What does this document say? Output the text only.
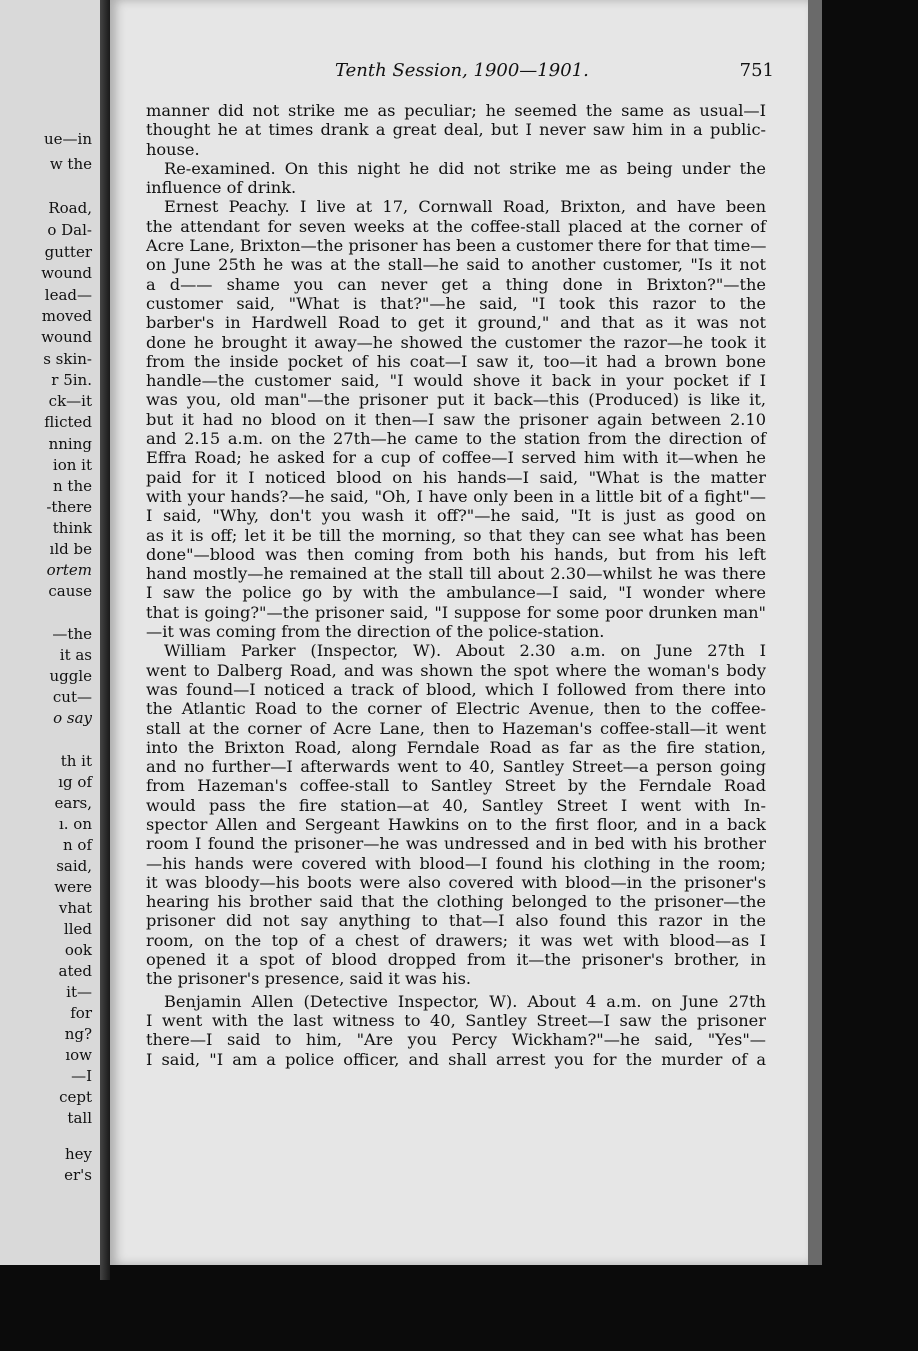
ue—in
w the
Road,
o Dal-
gutter
wound
lead—
moved
wound
s skin-
r 5in.
ck—it
flicted
nning
ion it
n the
-there
think
ıld be
ortem
cause
—the
it as
uggle
cut—
o say
th it
ıg of
ears,
ı. on
n of
said,
were
vhat
lled
ook
ated
it—
for
ng?
ıow
—I
cept
tall
hey
er's
Tenth Session, 1900—1901.	751
manner did not strike me as peculiar; he seemed the same as usual—I
thought he at times drank a great deal, but I never saw him in a public-
house.
Re-examined. On this night he did not strike me as being under the
influence of drink.
Ernest Peachy. I live at 17, Cornwall Road, Brixton, and have been
the attendant for seven weeks at the coffee-stall placed at the corner of
Acre Lane, Brixton—the prisoner has been a customer there for that time—
on June 25th he was at the stall—he said to another customer, "Is it not
a d—— shame you can never get a thing done in Brixton?"—the
customer said, "What is that?"—he said, "I took this razor to the
barber's in Hardwell Road to get it ground," and that as it was not
done he brought it away—he showed the customer the razor—he took it
from the inside pocket of his coat—I saw it, too—it had a brown bone
handle—the customer said, "I would shove it back in your pocket if I
was you, old man"—the prisoner put it back—this (Produced) is like it,
but it had no blood on it then—I saw the prisoner again between 2.10
and 2.15 a.m. on the 27th—he came to the station from the direction of
Effra Road; he asked for a cup of coffee—I served him with it—when he
paid for it I noticed blood on his hands—I said, "What is the matter
with your hands?—he said, "Oh, I have only been in a little bit of a fight"—
I said, "Why, don't you wash it off?"—he said, "It is just as good on
as it is off; let it be till the morning, so that they can see what has been
done"—blood was then coming from both his hands, but from his left
hand mostly—he remained at the stall till about 2.30—whilst he was there
I saw the police go by with the ambulance—I said, "I wonder where
that is going?"—the prisoner said, "I suppose for some poor drunken man"
—it was coming from the direction of the police-station.
William Parker (Inspector, W). About 2.30 a.m. on June 27th I
went to Dalberg Road, and was shown the spot where the woman's body
was found—I noticed a track of blood, which I followed from there into
the Atlantic Road to the corner of Electric Avenue, then to the coffee-
stall at the corner of Acre Lane, then to Hazeman's coffee-stall—it went
into the Brixton Road, along Ferndale Road as far as the fire station,
and no further—I afterwards went to 40, Santley Street—a person going
from Hazeman's coffee-stall to Santley Street by the Ferndale Road
would pass the fire station—at 40, Santley Street I went with In-
spector Allen and Sergeant Hawkins on to the first floor, and in a back
room I found the prisoner—he was undressed and in bed with his brother
—his hands were covered with blood—I found his clothing in the room;
it was bloody—his boots were also covered with blood—in the prisoner's
hearing his brother said that the clothing belonged to the prisoner—the
prisoner did not say anything to that—I also found this razor in the
room, on the top of a chest of drawers; it was wet with blood—as I
opened it a spot of blood dropped from it—the prisoner's brother, in
the prisoner's presence, said it was his.
Benjamin Allen (Detective Inspector, W). About 4 a.m. on June 27th
I went with the last witness to 40, Santley Street—I saw the prisoner
there—I said to him, "Are you Percy Wickham?"—he said, "Yes"—
I said, "I am a police officer, and shall arrest you for the murder of a
